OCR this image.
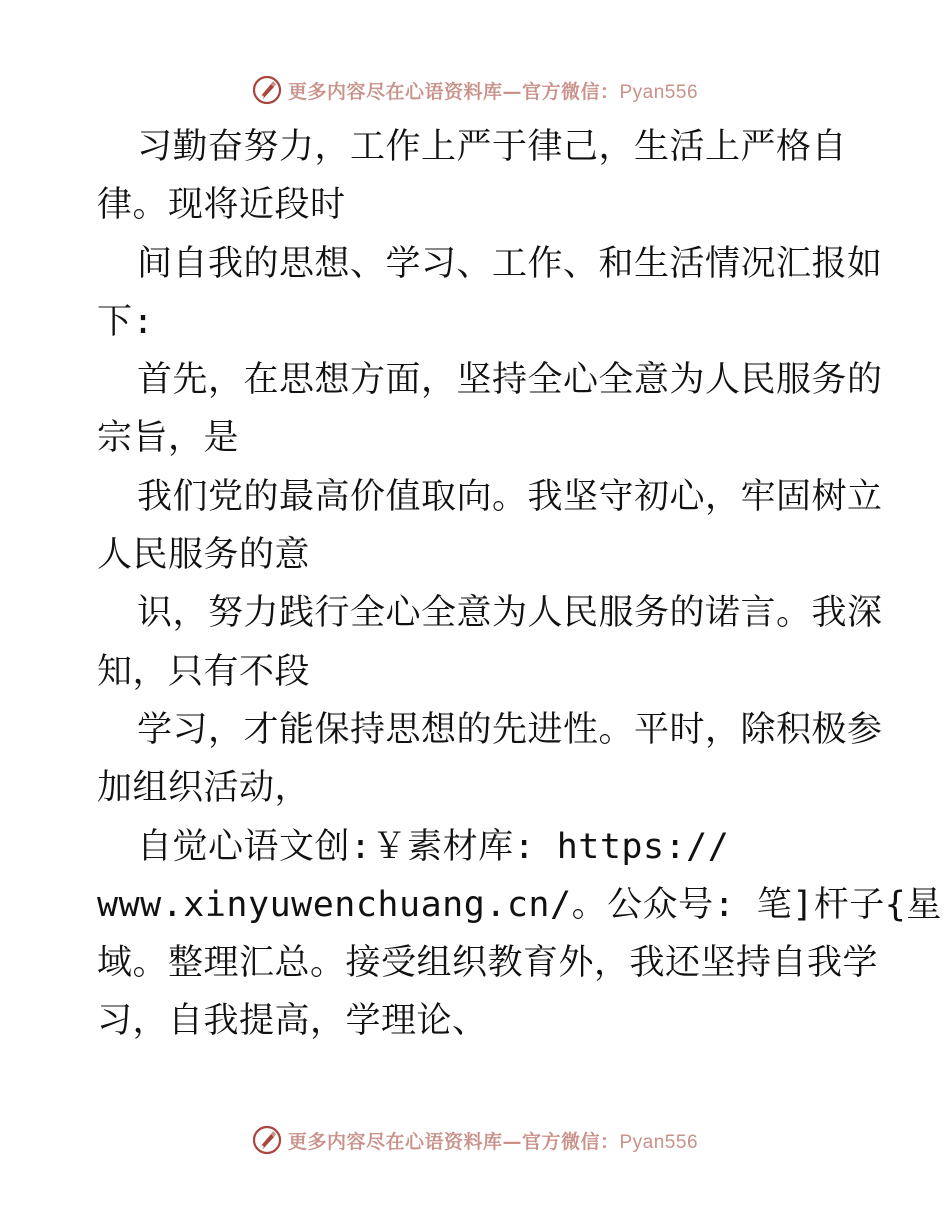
更多内容尽在心语资料库—官方微信：Pyan556
习勤奋努力，工作上严于律己，生活上严格自
律。现将近段时
间自我的思想、学习、工作、和生活情况汇报如
下:
首先，在思想方面，坚持全心全意为人民服务的
宗旨，是
我们党的最高价值取向。我坚守初心，牢固树立
人民服务的意
识，努力践行全心全意为人民服务的诺言。我深
知，只有不段
学习，才能保持思想的先进性。平时，除积极参
加组织活动，
自觉心语文创:￥素材库: https://
www.xinyuwenchuang.cn/。公众号: 笔]杆子{星
域。整理汇总。接受组织教育外，我还坚持自我学
习，自我提高，学理论、
更多内容尽在心语资料库—官方微信：Pyan556
